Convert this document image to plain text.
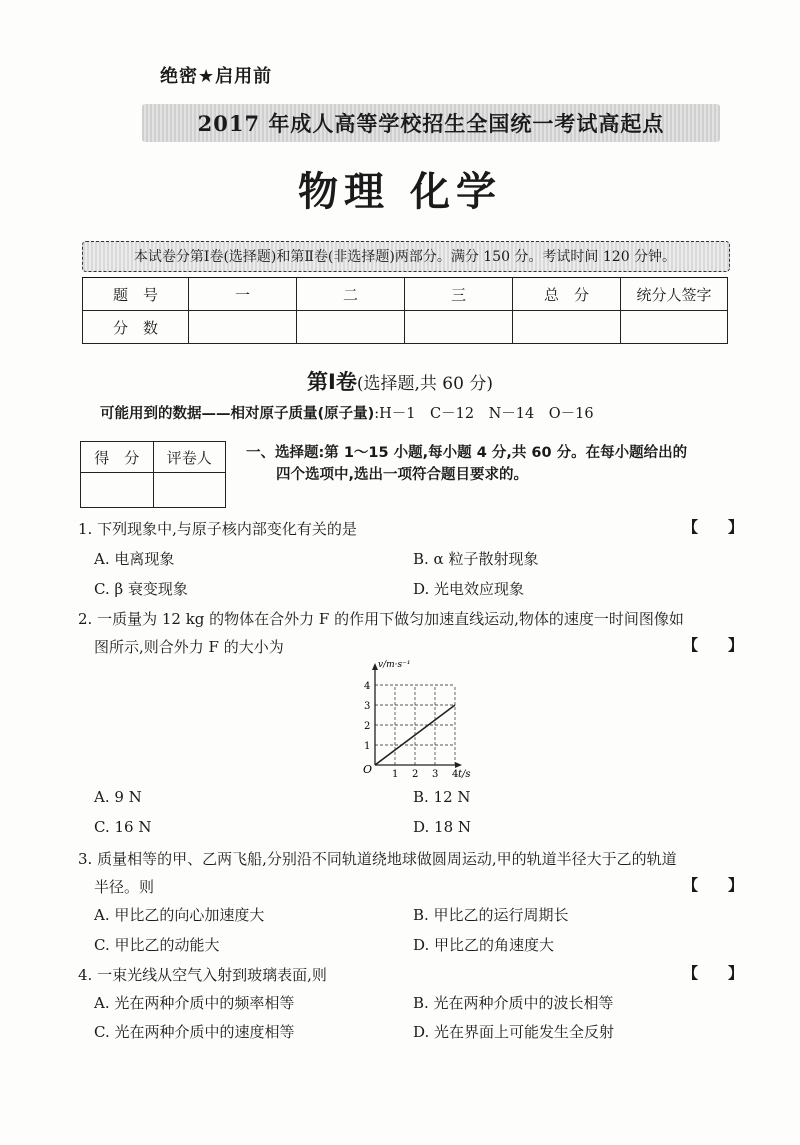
绝密★启用前
2017 年成人高等学校招生全国统一考试高起点
物理 化学
本试卷分第Ⅰ卷(选择题)和第Ⅱ卷(非选择题)两部分。满分 150 分。考试时间 120 分钟。
题　号	一	二	三	总　分	统分人签字
分　数					
第Ⅰ卷(选择题,共 60 分)
可能用到的数据——相对原子质量(原子量):H－1　C－12　N－14　O－16
得　分	评卷人
	一、选择题:第 1～15 小题,每小题 4 分,共 60 分。在每小题给出的
四个选项中,选出一项符合题目要求的。
1. 下列现象中,与原子核内部变化有关的是	【　　】
A. 电离现象	B. α 粒子散射现象
C. β 衰变现象	D. 光电效应现象
2. 一质量为 12 kg 的物体在合外力 F 的作用下做匀加速直线运动,物体的速度一时间图像如
图所示,则合外力 F 的大小为	【　　】
v/m·s⁻¹
t/s
O 1 2 3 4
1
2
3
4
A. 9 N	B. 12 N
C. 16 N	D. 18 N
3. 质量相等的甲、乙两飞船,分别沿不同轨道绕地球做圆周运动,甲的轨道半径大于乙的轨道
半径。则	【　　】
A. 甲比乙的向心加速度大	B. 甲比乙的运行周期长
C. 甲比乙的动能大	D. 甲比乙的角速度大
4. 一束光线从空气入射到玻璃表面,则	【　　】
A. 光在两种介质中的频率相等	B. 光在两种介质中的波长相等
C. 光在两种介质中的速度相等	D. 光在界面上可能发生全反射
